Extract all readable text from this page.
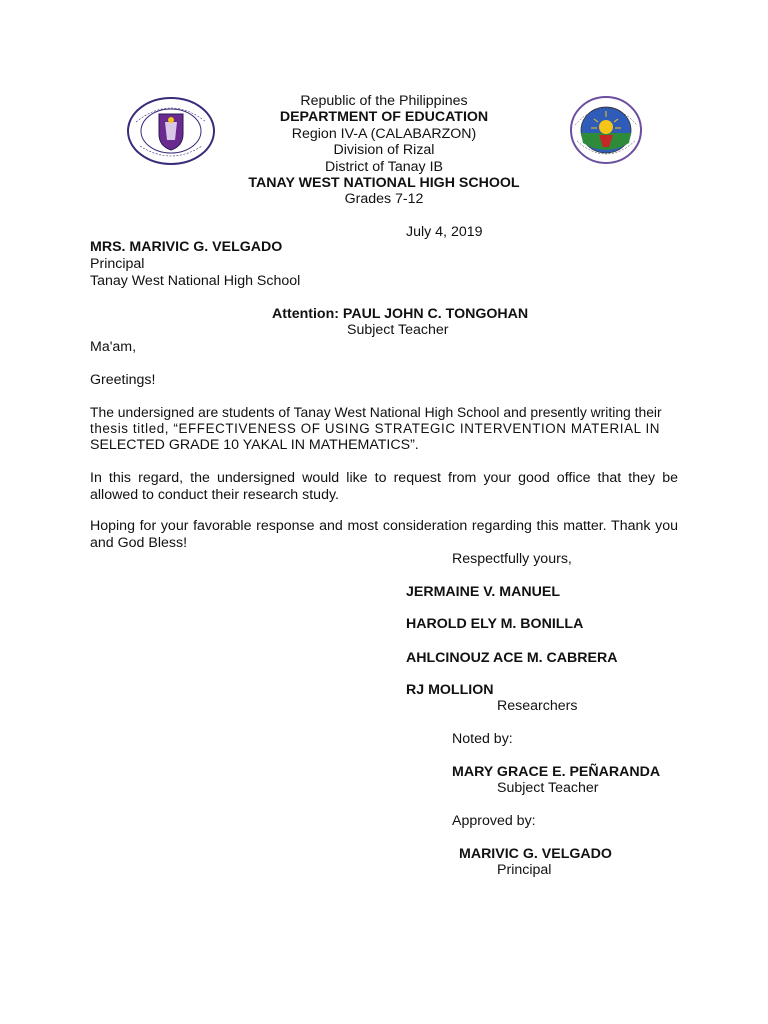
Republic of the Philippines
DEPARTMENT OF EDUCATION
Region IV-A (CALABARZON)
Division of Rizal
District of Tanay IB
TANAY WEST NATIONAL HIGH SCHOOL
Grades 7-12
July 4, 2019
MRS. MARIVIC G. VELGADO
Principal
Tanay West National High School
Attention: PAUL JOHN C. TONGOHAN
Subject Teacher
Ma'am,
Greetings!
The undersigned are students of Tanay West National High School and presently writing their
thesis titled, “EFFECTIVENESS OF USING STRATEGIC INTERVENTION MATERIAL IN
SELECTED GRADE 10 YAKAL IN MATHEMATICS”.
In this regard, the undersigned would like to request from your good office that they be allowed to conduct their research study.
Hoping for your favorable response and most consideration regarding this matter. Thank you and God Bless!
Respectfully yours,
JERMAINE V. MANUEL
HAROLD ELY M. BONILLA
AHLCINOUZ ACE M. CABRERA
RJ MOLLION
Researchers
Noted by:
MARY GRACE E. PEÑARANDA
Subject Teacher
Approved by:
MARIVIC G. VELGADO
Principal
